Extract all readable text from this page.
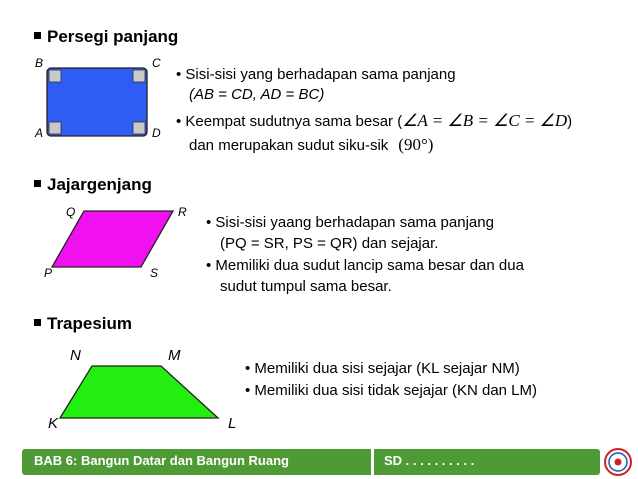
Persegi panjang
B	C
A	D
• Sisi-sisi yang berhadapan sama panjang
(AB = CD, AD = BC)
• Keempat sudutnya sama besar (∠A = ∠B = ∠C = ∠D)
dan merupakan sudut siku-sik (90°)
Jajargenjang
Q	R
P	S
• Sisi-sisi yaang berhadapan sama panjang
(PQ = SR, PS = QR) dan sejajar.
• Memiliki dua sudut lancip sama besar dan dua
sudut tumpul sama besar.
Trapesium
N	M
K	L
• Memiliki dua sisi sejajar (KL sejajar NM)
• Memiliki dua sisi tidak sejajar (KN dan LM)
BAB 6: Bangun Datar dan Bangun Ruang	SD . . . . . . . . . .
